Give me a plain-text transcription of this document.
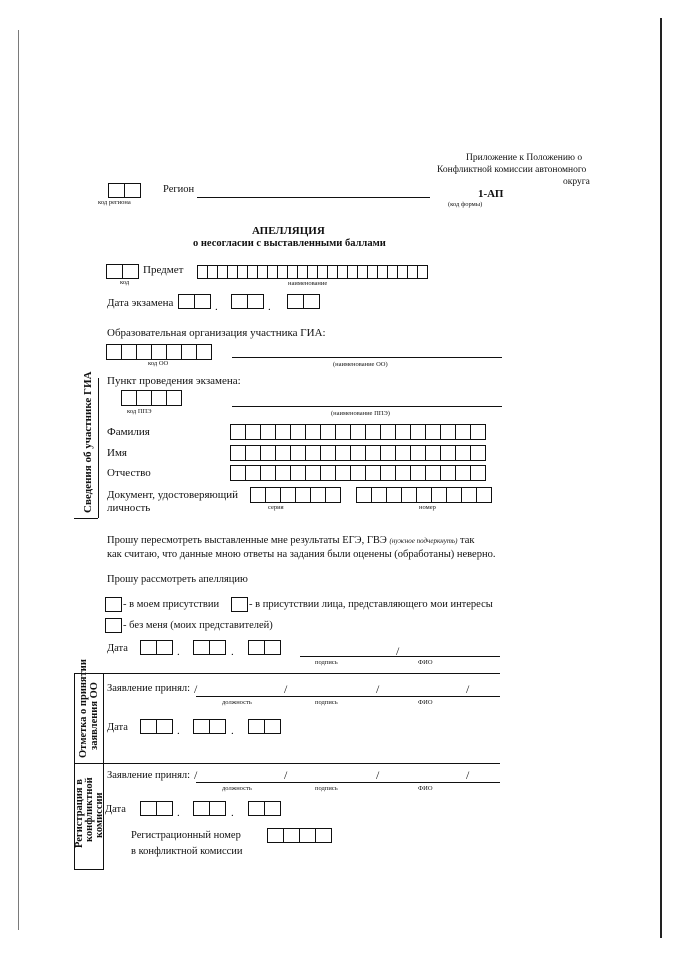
Приложение к Положению о
Конфликтной комиссии автономного
округа
код региона
Регион	1-АП
(код формы)
АПЕЛЛЯЦИЯ
о несогласии с выставленными баллами
Предмет
код	наименование
Дата экзамена	.	.
Сведения об участнике ГИА
Образовательная организация участника ГИА:
код ОО	(наименование ОО)
Пункт проведения экзамена:
код ППЭ	(наименование ППЭ)
Фамилия
Имя
Отчество
Документ, удостоверяющий
личность	серия	номер
Прошу пересмотреть выставленные мне результаты ЕГЭ, ГВЭ (нужное подчеркнуть) так
как считаю, что данные мною ответы на задания были оценены (обработаны) неверно.
Прошу рассмотреть апелляцию
- в моем присутствии	- в присутствии лица, представляющего мои интересы
- без меня (моих представителей)
Дата	.	.	/
подпись	ФИО
Отметка о принятии заявления ОО Заявление принял: /	/	/	/
должность	подпись	ФИО
Дата	.	.
Регистрация в конфликтной комиссии
Заявление принял: /	/	/	/
должность	подпись	ФИО
Дата	.	.
Регистрационный номер
в конфликтной комиссии
